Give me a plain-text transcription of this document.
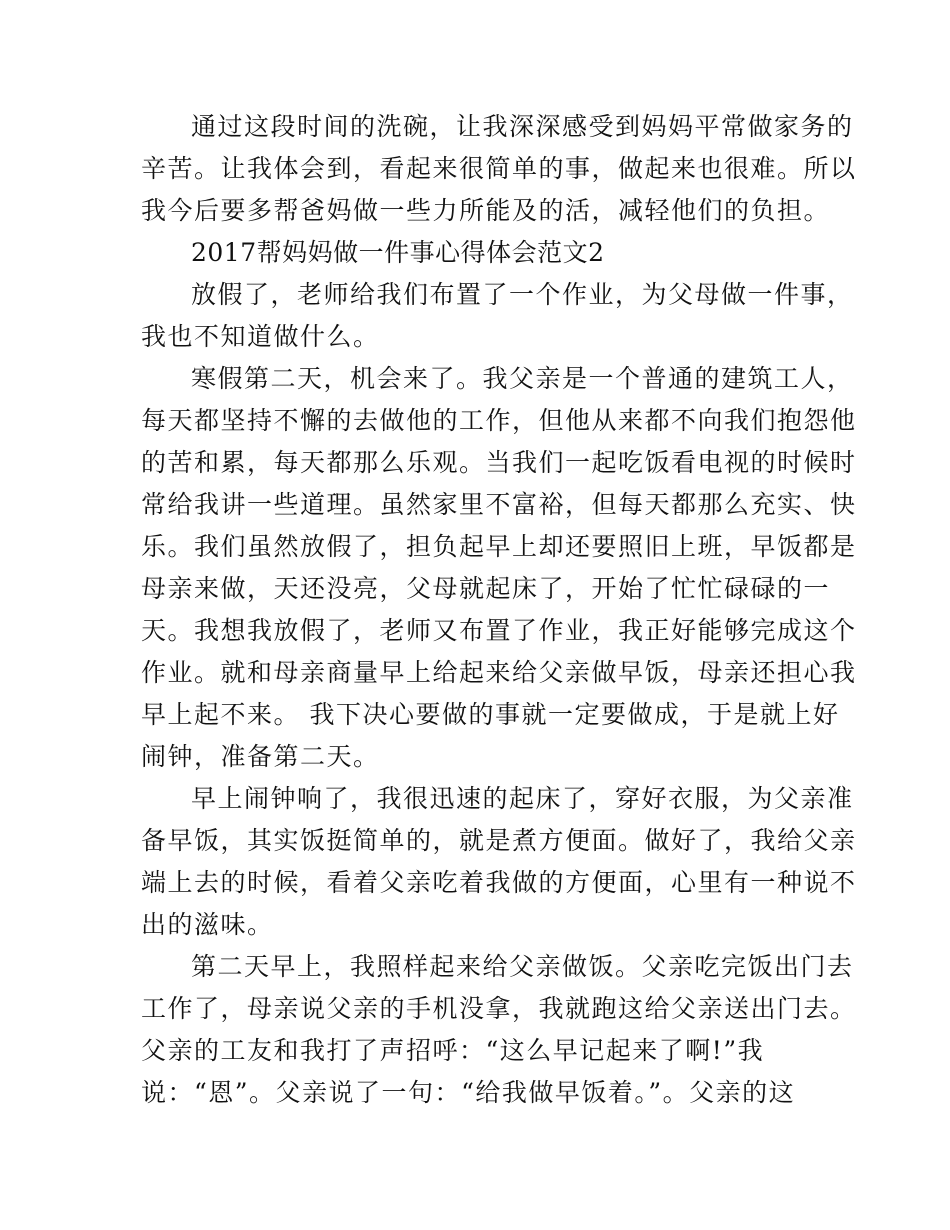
通过这段时间的洗碗，让我深深感受到妈妈平常做家务的
辛苦。让我体会到，看起来很简单的事，做起来也很难。所以
我今后要多帮爸妈做一些力所能及的活，减轻他们的负担。
2017帮妈妈做一件事心得体会范文2
放假了，老师给我们布置了一个作业，为父母做一件事，
我也不知道做什么。
寒假第二天，机会来了。我父亲是一个普通的建筑工人，
每天都坚持不懈的去做他的工作，但他从来都不向我们抱怨他
的苦和累，每天都那么乐观。当我们一起吃饭看电视的时候时
常给我讲一些道理。虽然家里不富裕，但每天都那么充实、快
乐。我们虽然放假了，担负起早上却还要照旧上班，早饭都是
母亲来做，天还没亮，父母就起床了，开始了忙忙碌碌的一
天。我想我放假了，老师又布置了作业，我正好能够完成这个
作业。就和母亲商量早上给起来给父亲做早饭，母亲还担心我
早上起不来。 我下决心要做的事就一定要做成，于是就上好
闹钟，准备第二天。
早上闹钟响了，我很迅速的起床了，穿好衣服，为父亲准
备早饭，其实饭挺简单的，就是煮方便面。做好了，我给父亲
端上去的时候，看着父亲吃着我做的方便面，心里有一种说不
出的滋味。
第二天早上，我照样起来给父亲做饭。父亲吃完饭出门去
工作了，母亲说父亲的手机没拿，我就跑这给父亲送出门去。
父亲的工友和我打了声招呼：“这么早记起来了啊!”我
说：“恩”。父亲说了一句：“给我做早饭着。”。父亲的这
